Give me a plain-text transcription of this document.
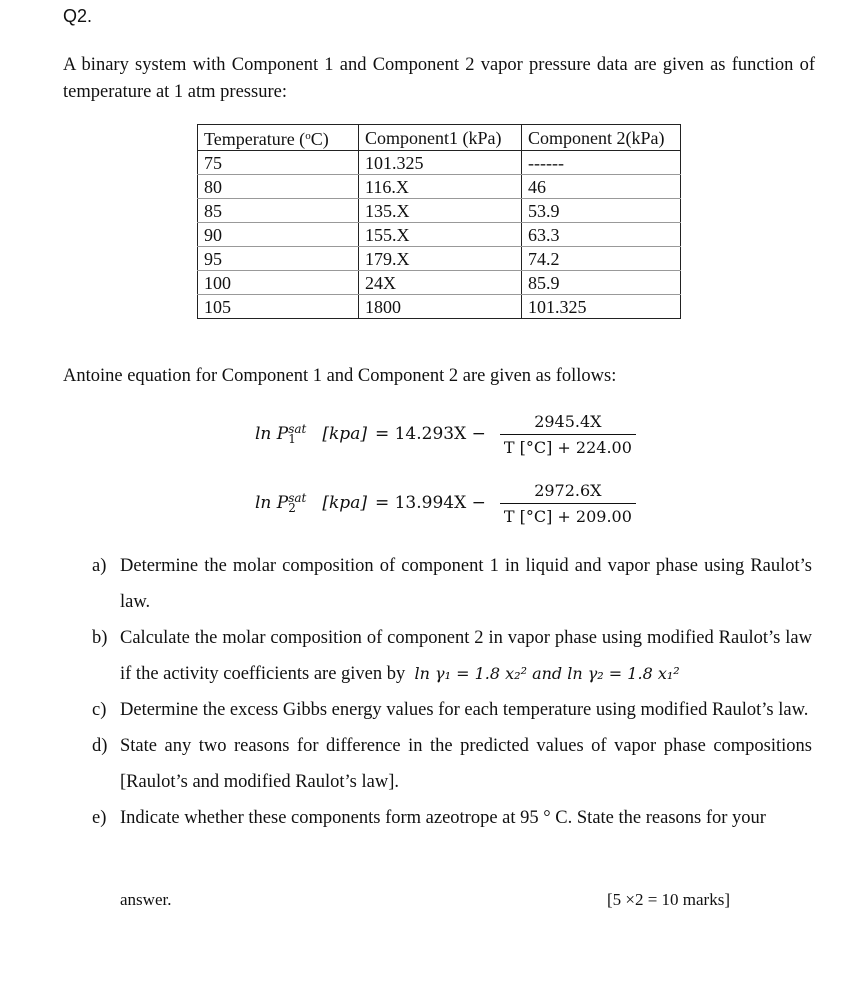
Q2.
A binary system with Component 1 and Component 2 vapor pressure data are given as function of temperature at 1 atm pressure:
Temperature ($^o$C)	Component1 (kPa)	Component 2(kPa)
75	101.325	------
80	116.X	46
85	135.X	53.9
90	155.X	63.3
95	179.X	74.2
100	24X	85.9
105	1800	101.325
Antoine equation for Component 1 and Component 2 are given as follows:
ln P sat
1	$[kpa] = 14.293X - \frac{2945.4X}{T [^\circ C] + 224.00}$
ln P sat
2	$[kpa] = 13.994X - \frac{2972.6X}{T [^\circ C] + 209.00}$
a) Determine the molar composition of component 1 in liquid and vapor phase using Raulot’s law.
b) Calculate the molar composition of component 2 in vapor phase using modified Raulot’s law if the activity coefficients are given by ln γ₁ = 1.8 x₂² and ln γ₂ = 1.8 x₁²
c) Determine the excess Gibbs energy values for each temperature using modified Raulot’s law.
d) State any two reasons for difference in the predicted values of vapor phase compositions [Raulot’s and modified Raulot’s law].
e) Indicate whether these components form azeotrope at 95 ° C. State the reasons for your
answer.	[5 ×2 = 10 marks]
